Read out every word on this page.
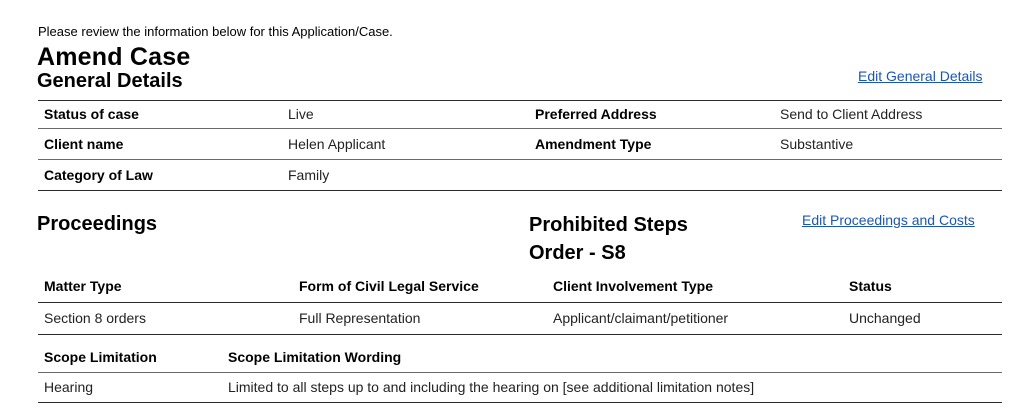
Please review the information below for this Application/Case.
Amend Case
General Details	Edit General Details
Status of case	Live	Preferred Address	Send to Client Address
Client name	Helen Applicant	Amendment Type	Substantive
Category of Law	Family
Proceedings	Prohibited Steps
Order - S8
Edit Proceedings and Costs
Matter Type	Form of Civil Legal Service	Client Involvement Type	Status
Section 8 orders	Full Representation	Applicant/claimant/petitioner	Unchanged
Scope Limitation	Scope Limitation Wording
Hearing	Limited to all steps up to and including the hearing on [see additional limitation notes]
